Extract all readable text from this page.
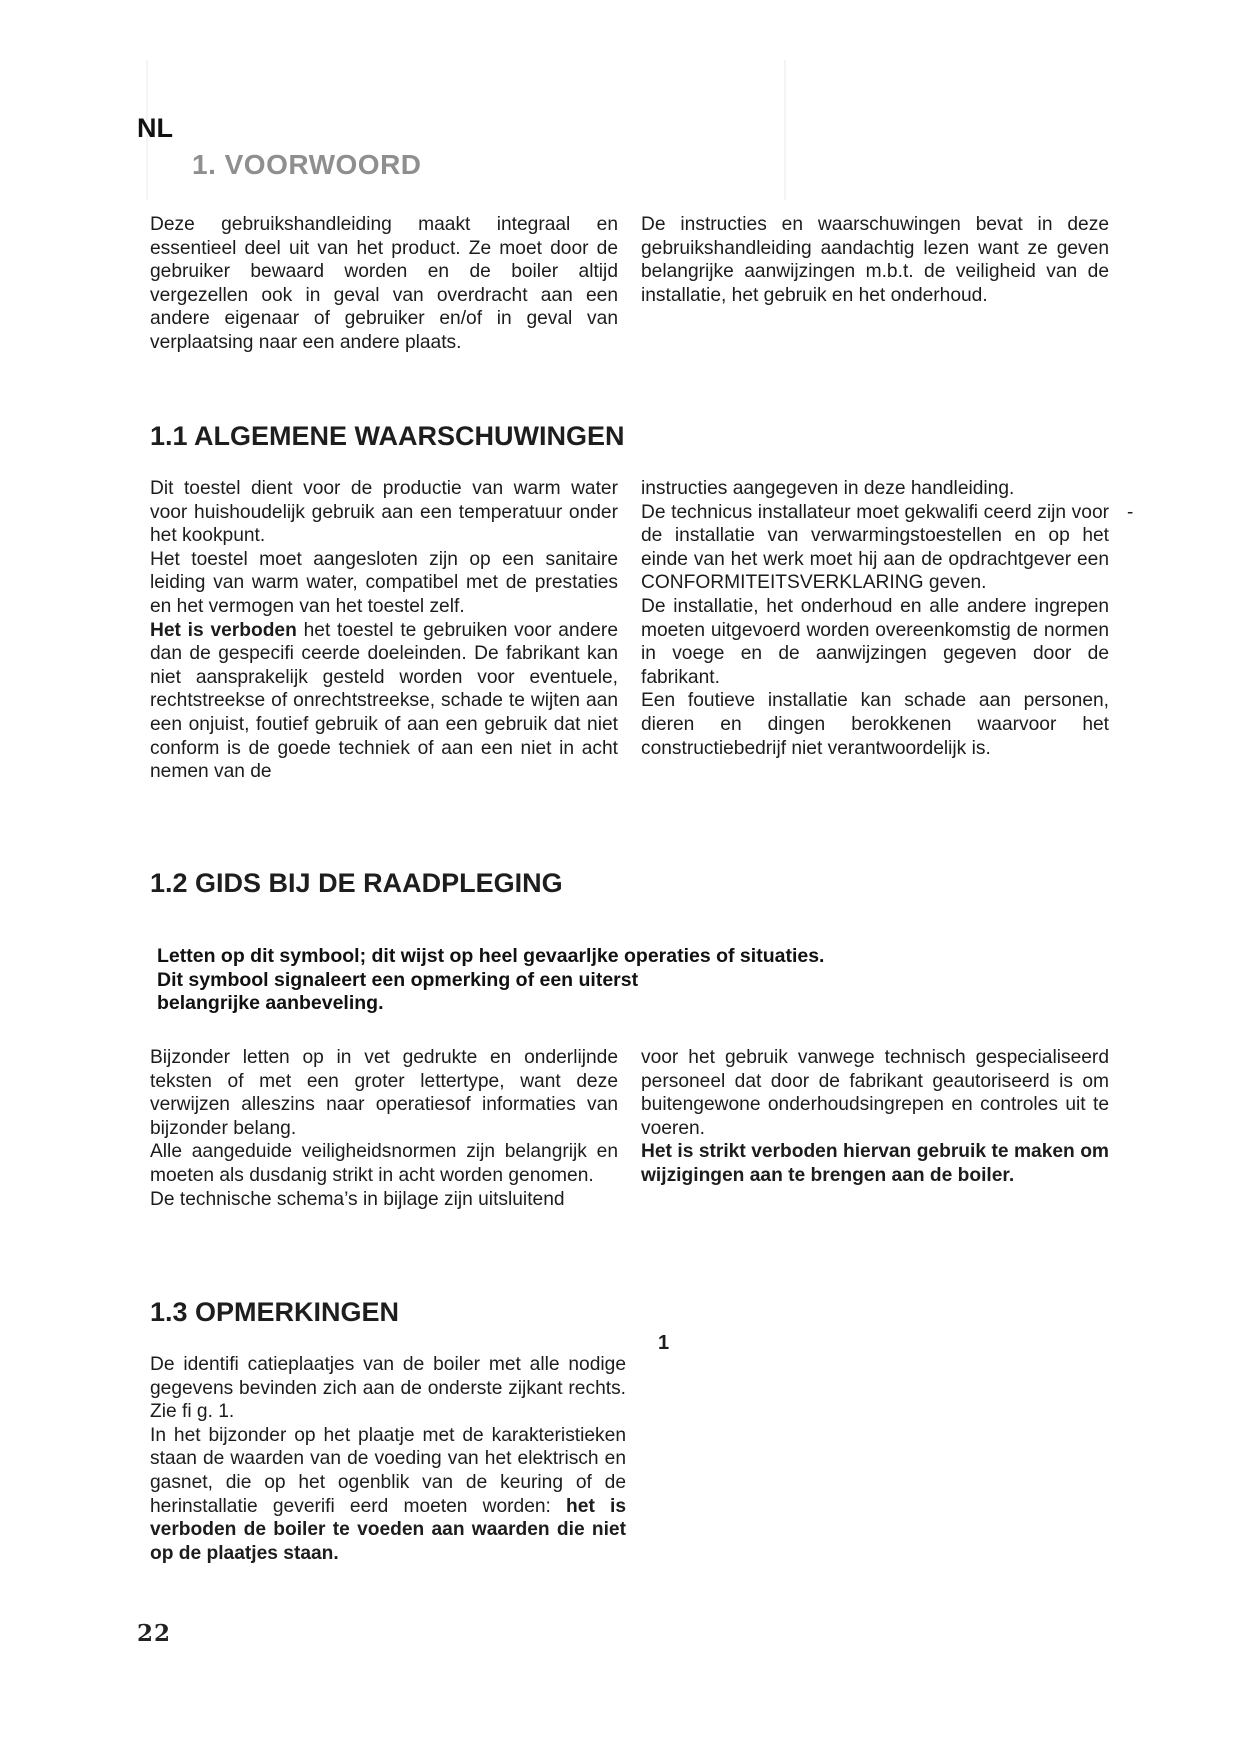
NL
1. VOORWOORD

Deze gebruikshandleiding maakt integraal en essentieel deel uit van het product. Ze moet door de gebruiker bewaard worden en de boiler altijd vergezellen ook in geval van overdracht aan een andere eigenaar of gebruiker en/of in geval van verplaatsing naar een andere plaats.

De instructies en waarschuwingen bevat in deze gebruikshandleiding aandachtig lezen want ze geven belangrijke aanwijzingen m.b.t. de veiligheid van de installatie, het gebruik en het onderhoud.

1.1 ALGEMENE WAARSCHUWINGEN

Dit toestel dient voor de productie van warm water voor huishoudelijk gebruik aan een temperatuur onder het kookpunt.

Het toestel moet aangesloten zijn op een sanitaire leiding van warm water, compatibel met de prestaties en het vermogen van het toestel zelf.

Het is verboden het toestel te gebruiken voor andere dan de gespecifi ceerde doeleinden. De fabrikant kan niet aansprakelijk gesteld worden voor eventuele, rechtstreekse of onrechtstreekse, schade te wijten aan een onjuist, foutief gebruik of aan een gebruik dat niet conform is de goede techniek of aan een niet in acht nemen van de

instructies aangegeven in deze handleiding.

De technicus installateur moet gekwalifi ceerd zijn voor de installatie van verwarmingstoestellen en op het einde van het werk moet hij aan de opdrachtgever een CONFORMITEITSVERKLARING geven.

De installatie, het onderhoud en alle andere ingrepen moeten uitgevoerd worden overeenkomstig de normen in voege en de aanwijzingen gegeven door de fabrikant.

Een foutieve installatie kan schade aan personen, dieren en dingen berokkenen waarvoor het constructiebedrijf niet verantwoordelijk is.

-
1.2 GIDS BIJ DE RAADPLEGING

Letten op dit symbool; dit wijst op heel gevaarljke operaties of situaties.

Dit symbool signaleert een opmerking of een uiterst

belangrijke aanbeveling.

Bijzonder letten op in vet gedrukte en onderlijnde teksten of met een groter lettertype, want deze verwijzen alleszins naar operatiesof informaties van bijzonder belang.

Alle aangeduide veiligheidsnormen zijn belangrijk en moeten als dusdanig strikt in acht worden genomen.

De technische schema’s in bijlage zijn uitsluitend

voor het gebruik vanwege technisch gespecialiseerd personeel dat door de fabrikant geautoriseerd is om buitengewone onderhoudsingrepen en controles uit te voeren.

Het is strikt verboden hiervan gebruik te maken om wijzigingen aan te brengen aan de boiler.

1.3 OPMERKINGEN

De identifi catieplaatjes van de boiler met alle nodige gegevens bevinden zich aan de onderste zijkant rechts. Zie fi g. 1.

In het bijzonder op het plaatje met de karakteristieken staan de waarden van de voeding van het elektrisch en gasnet, die op het ogenblik van de keuring of de herinstallatie geverifi eerd moeten worden: het is verboden de boiler te voeden aan waarden die niet op de plaatjes staan.

1
22
